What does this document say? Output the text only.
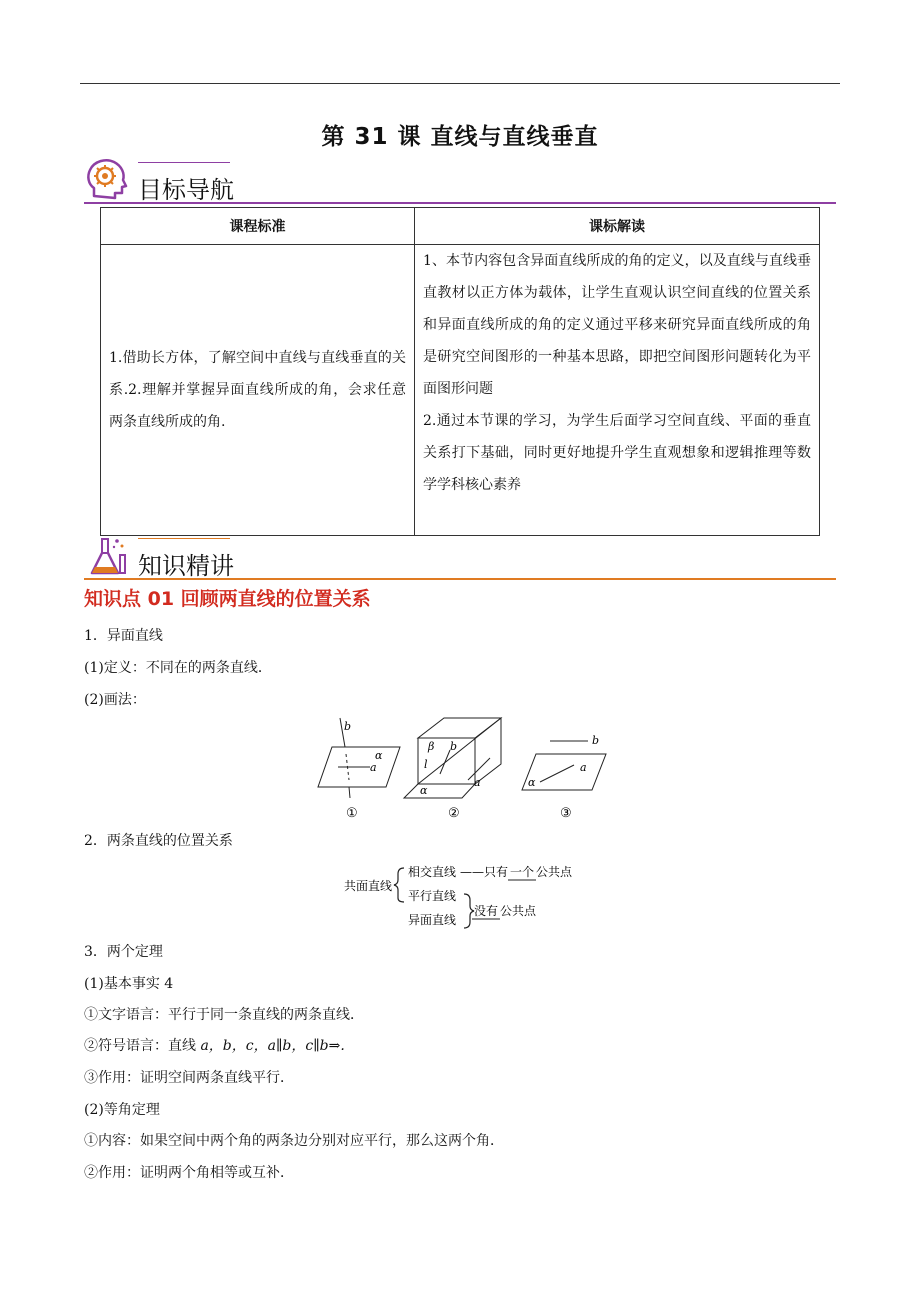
第 31 课 直线与直线垂直
目标导航
课程标准	课标解读
1.借助长方体，了解空间中直线与直线垂直的关系.2.理解并掌握异面直线所成的角，会求任意两条直线所成的角.	1、本节内容包含异面直线所成的角的定义，以及直线与直线垂直教材以正方体为载体，让学生直观认识空间直线的位置关系和异面直线所成的角的定义通过平移来研究异面直线所成的角是研究空间图形的一种基本思路，即把空间图形问题转化为平面图形问题
2.通过本节课的学习，为学生后面学习空间直线、平面的垂直关系打下基础，同时更好地提升学生直观想象和逻辑推理等数学学科核心素养
知识精讲
知识点 01 回顾两直线的位置关系
1．异面直线
(1)定义：不同在的两条直线．
(2)画法：
b
α
a
①
β b
l
a
α
②
b
a
α
③
2．两条直线的位置关系
共面直线
相交直线 —— 只有 一个 公共点
平行直线
异面直线
没有 公共点
3．两个定理
(1)基本事实 4
①文字语言：平行于同一条直线的两条直线．
②符号语言：直线 a，b，c，a∥b，c∥b⇒.
③作用：证明空间两条直线平行．
(2)等角定理
①内容：如果空间中两个角的两条边分别对应平行，那么这两个角．
②作用：证明两个角相等或互补．
